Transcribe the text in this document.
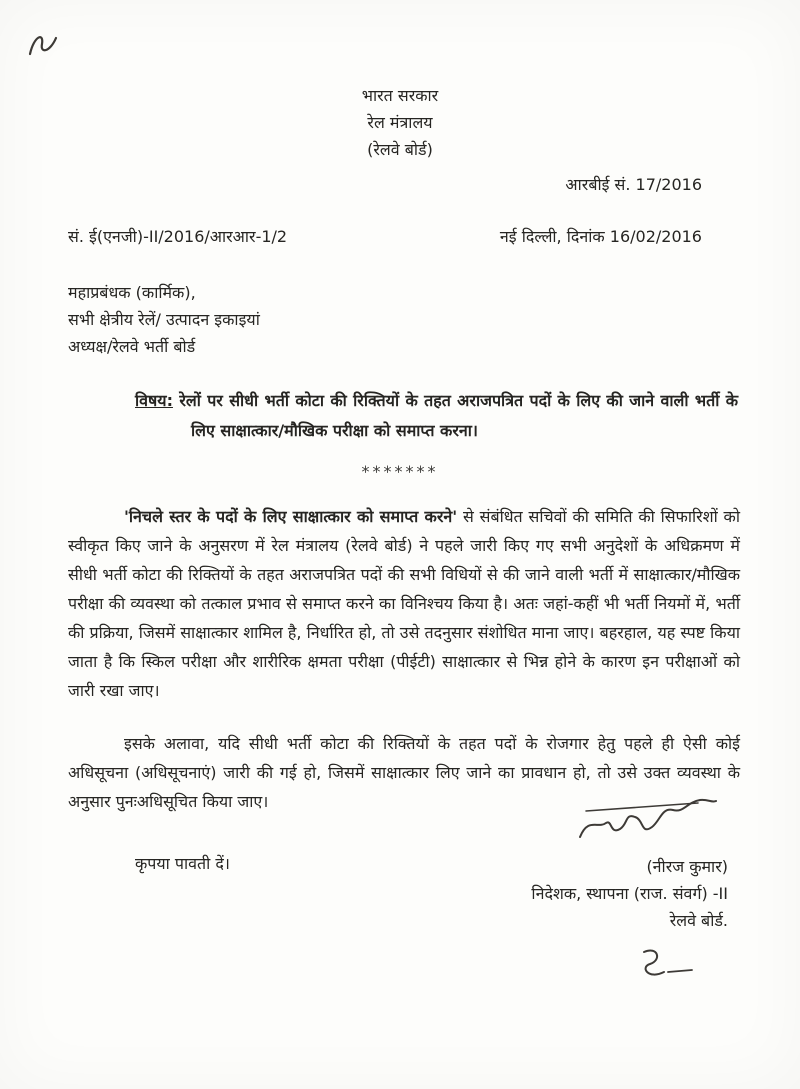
भारत सरकार
रेल मंत्रालय
(रेलवे बोर्ड)
आरबीई सं. 17/2016
सं. ई(एनजी)-II/2016/आरआर-1/2	नई दिल्ली, दिनांक 16/02/2016
महाप्रबंधक (कार्मिक),
सभी क्षेत्रीय रेलें/ उत्पादन इकाइयां
अध्यक्ष/रेलवे भर्ती बोर्ड
विषय: रेलों पर सीधी भर्ती कोटा की रिक्तियों के तहत अराजपत्रित पदों के लिए की जाने वाली भर्ती के लिए साक्षात्कार/मौखिक परीक्षा को समाप्त करना।
*******

'निचले स्तर के पदों के लिए साक्षात्कार को समाप्त करने' से संबंधित सचिवों की समिति की सिफारिशों को स्वीकृत किए जाने के अनुसरण में रेल मंत्रालय (रेलवे बोर्ड) ने पहले जारी किए गए सभी अनुदेशों के अधिक्रमण में सीधी भर्ती कोटा की रिक्तियों के तहत अराजपत्रित पदों की सभी विधियों से की जाने वाली भर्ती में साक्षात्कार/मौखिक परीक्षा की व्यवस्था को तत्काल प्रभाव से समाप्त करने का विनिश्चय किया है। अतः जहां-कहीं भी भर्ती नियमों में, भर्ती की प्रक्रिया, जिसमें साक्षात्कार शामिल है, निर्धारित हो, तो उसे तदनुसार संशोधित माना जाए। बहरहाल, यह स्पष्ट किया जाता है कि स्किल परीक्षा और शारीरिक क्षमता परीक्षा (पीईटी) साक्षात्कार से भिन्न होने के कारण इन परीक्षाओं को जारी रखा जाए।

इसके अलावा, यदि सीधी भर्ती कोटा की रिक्तियों के तहत पदों के रोजगार हेतु पहले ही ऐसी कोई अधिसूचना (अधिसूचनाएं) जारी की गई हो, जिसमें साक्षात्कार लिए जाने का प्रावधान हो, तो उसे उक्त व्यवस्था के अनुसार पुनःअधिसूचित किया जाए।

कृपया पावती दें।	(नीरज कुमार)
निदेशक, स्थापना (राज. संवर्ग) -II
रेलवे बोर्ड.
